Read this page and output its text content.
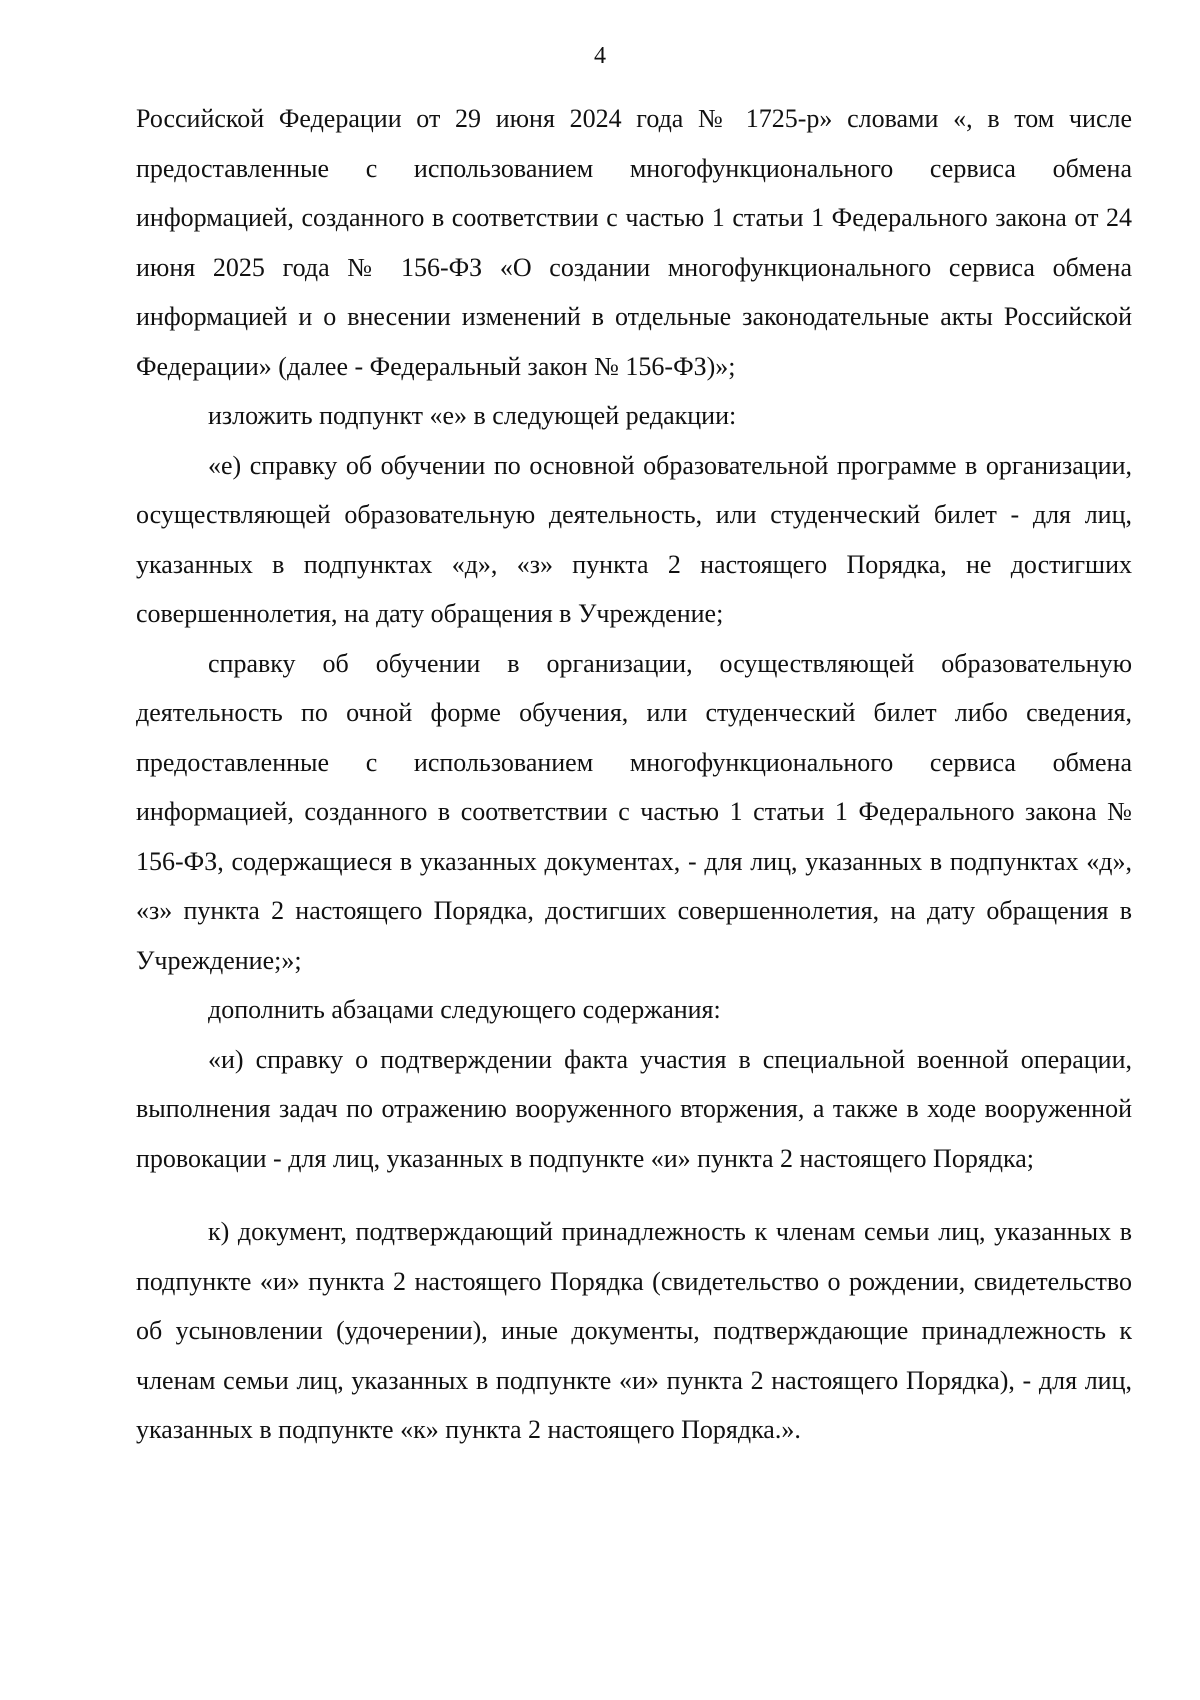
4

Российской Федерации от 29 июня 2024 года № 1725-р» словами «, в том числе предоставленные с использованием многофункционального сервиса обмена информацией, созданного в соответствии с частью 1 статьи 1 Федерального закона от 24 июня 2025 года № 156-ФЗ «О создании многофункционального сервиса обмена информацией и о внесении изменений в отдельные законодательные акты Российской Федерации» (далее - Федеральный закон № 156-ФЗ)»;

изложить подпункт «е» в следующей редакции:

«е) справку об обучении по основной образовательной программе в организации, осуществляющей образовательную деятельность, или студенческий билет - для лиц, указанных в подпунктах «д», «з» пункта 2 настоящего Порядка, не достигших совершеннолетия, на дату обращения в Учреждение;

справку об обучении в организации, осуществляющей образовательную деятельность по очной форме обучения, или студенческий билет либо сведения, предоставленные с использованием многофункционального сервиса обмена информацией, созданного в соответствии с частью 1 статьи 1 Федерального закона № 156-ФЗ, содержащиеся в указанных документах, - для лиц, указанных в подпунктах «д», «з» пункта 2 настоящего Порядка, достигших совершеннолетия, на дату обращения в Учреждение;»;

дополнить абзацами следующего содержания:

«и) справку о подтверждении факта участия в специальной военной операции, выполнения задач по отражению вооруженного вторжения, а также в ходе вооруженной провокации - для лиц, указанных в подпункте «и» пункта 2 настоящего Порядка;

к) документ, подтверждающий принадлежность к членам семьи лиц, указанных в подпункте «и» пункта 2 настоящего Порядка (свидетельство о рождении, свидетельство об усыновлении (удочерении), иные документы, подтверждающие принадлежность к членам семьи лиц, указанных в подпункте «и» пункта 2 настоящего Порядка), - для лиц, указанных в подпункте «к» пункта 2 настоящего Порядка.».
